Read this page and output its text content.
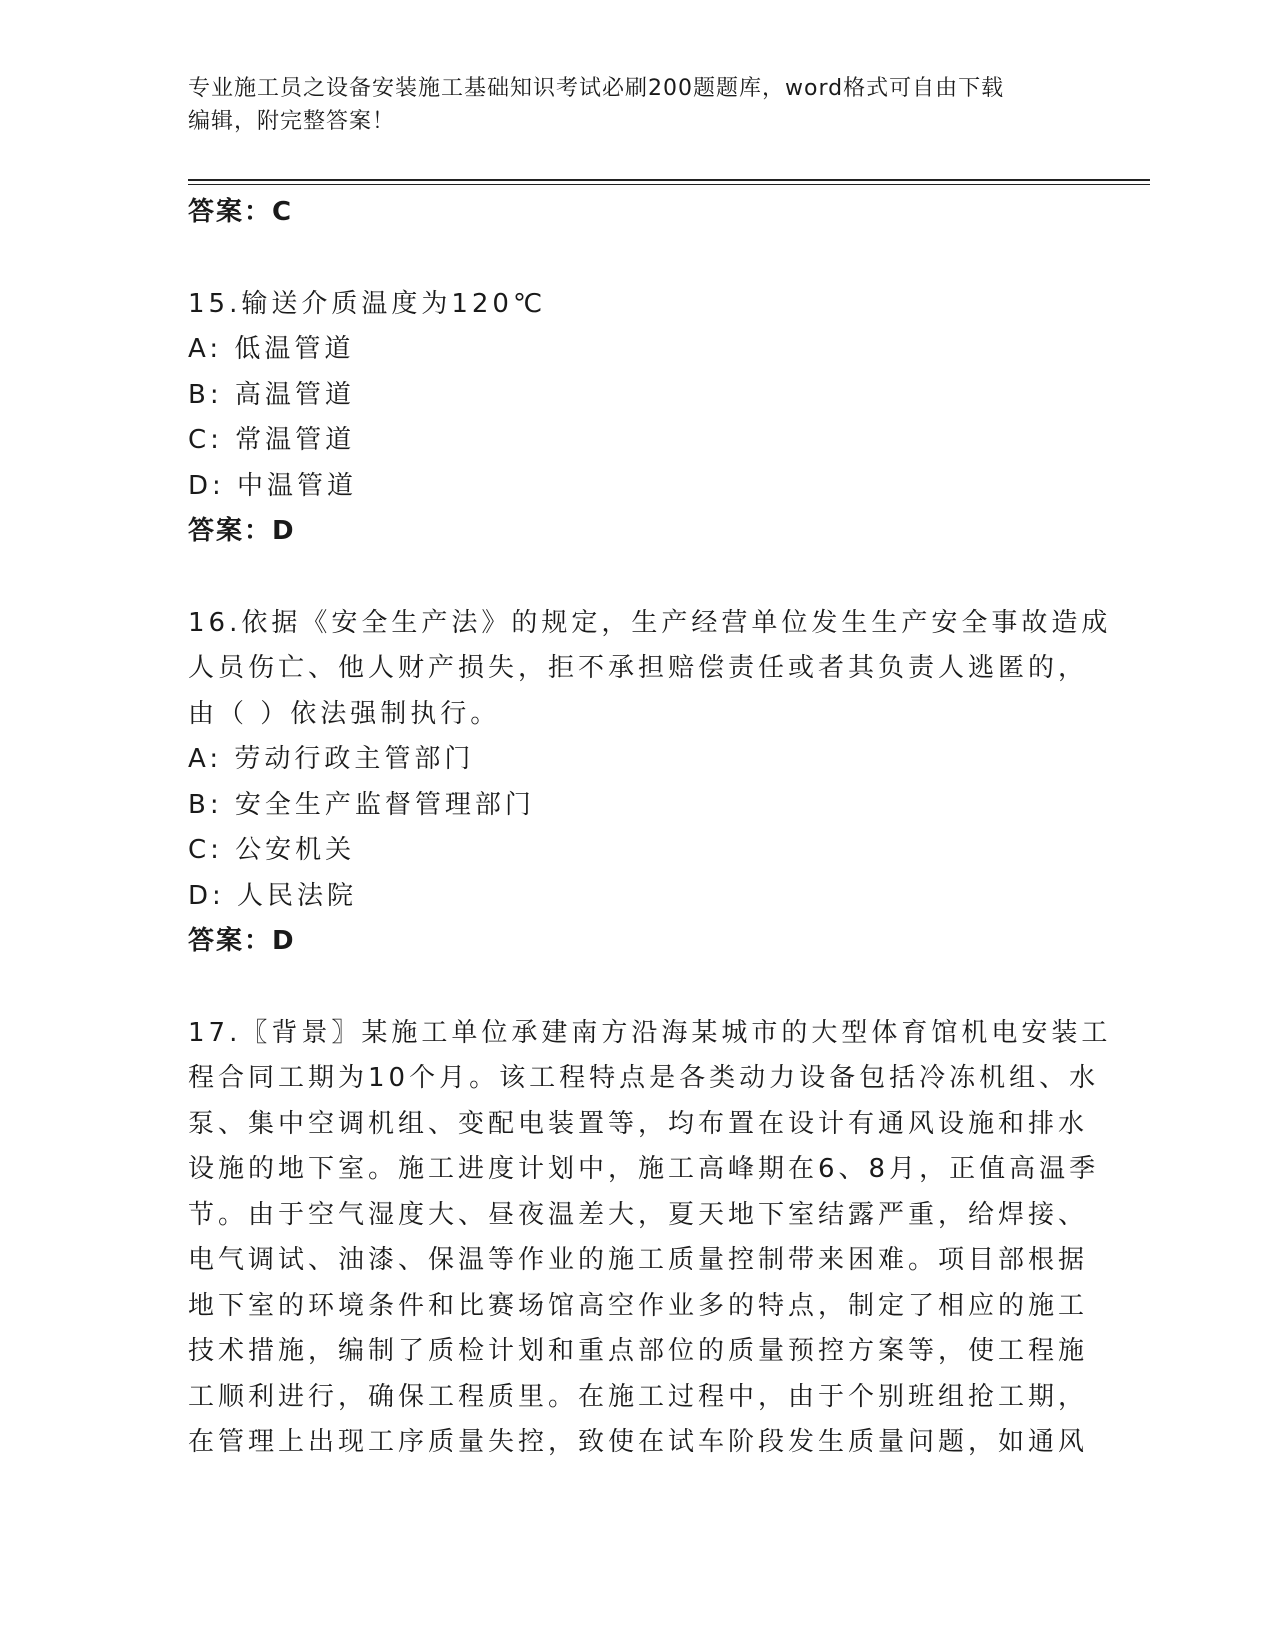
专业施工员之设备安装施工基础知识考试必刷200题题库，word格式可自由下载
编辑，附完整答案！
答案：C
15.输送介质温度为120℃
A: 低温管道
B: 高温管道
C: 常温管道
D: 中温管道
答案：D
16.依据《安全生产法》的规定，生产经营单位发生生产安全事故造成
人员伤亡、他人财产损失，拒不承担赔偿责任或者其负责人逃匿的，
由（ ）依法强制执行。
A: 劳动行政主管部门
B: 安全生产监督管理部门
C: 公安机关
D: 人民法院
答案：D
17.〖背景〗某施工单位承建南方沿海某城市的大型体育馆机电安装工
程合同工期为10个月。该工程特点是各类动力设备包括冷冻机组、水
泵、集中空调机组、变配电装置等，均布置在设计有通风设施和排水
设施的地下室。施工进度计划中，施工高峰期在6、8月，正值高温季
节。由于空气湿度大、昼夜温差大，夏天地下室结露严重，给焊接、
电气调试、油漆、保温等作业的施工质量控制带来困难。项目部根据
地下室的环境条件和比赛场馆高空作业多的特点，制定了相应的施工
技术措施，编制了质检计划和重点部位的质量预控方案等，使工程施
工顺利进行，确保工程质里。在施工过程中，由于个别班组抢工期，
在管理上出现工序质量失控，致使在试车阶段发生质量问题，如通风
